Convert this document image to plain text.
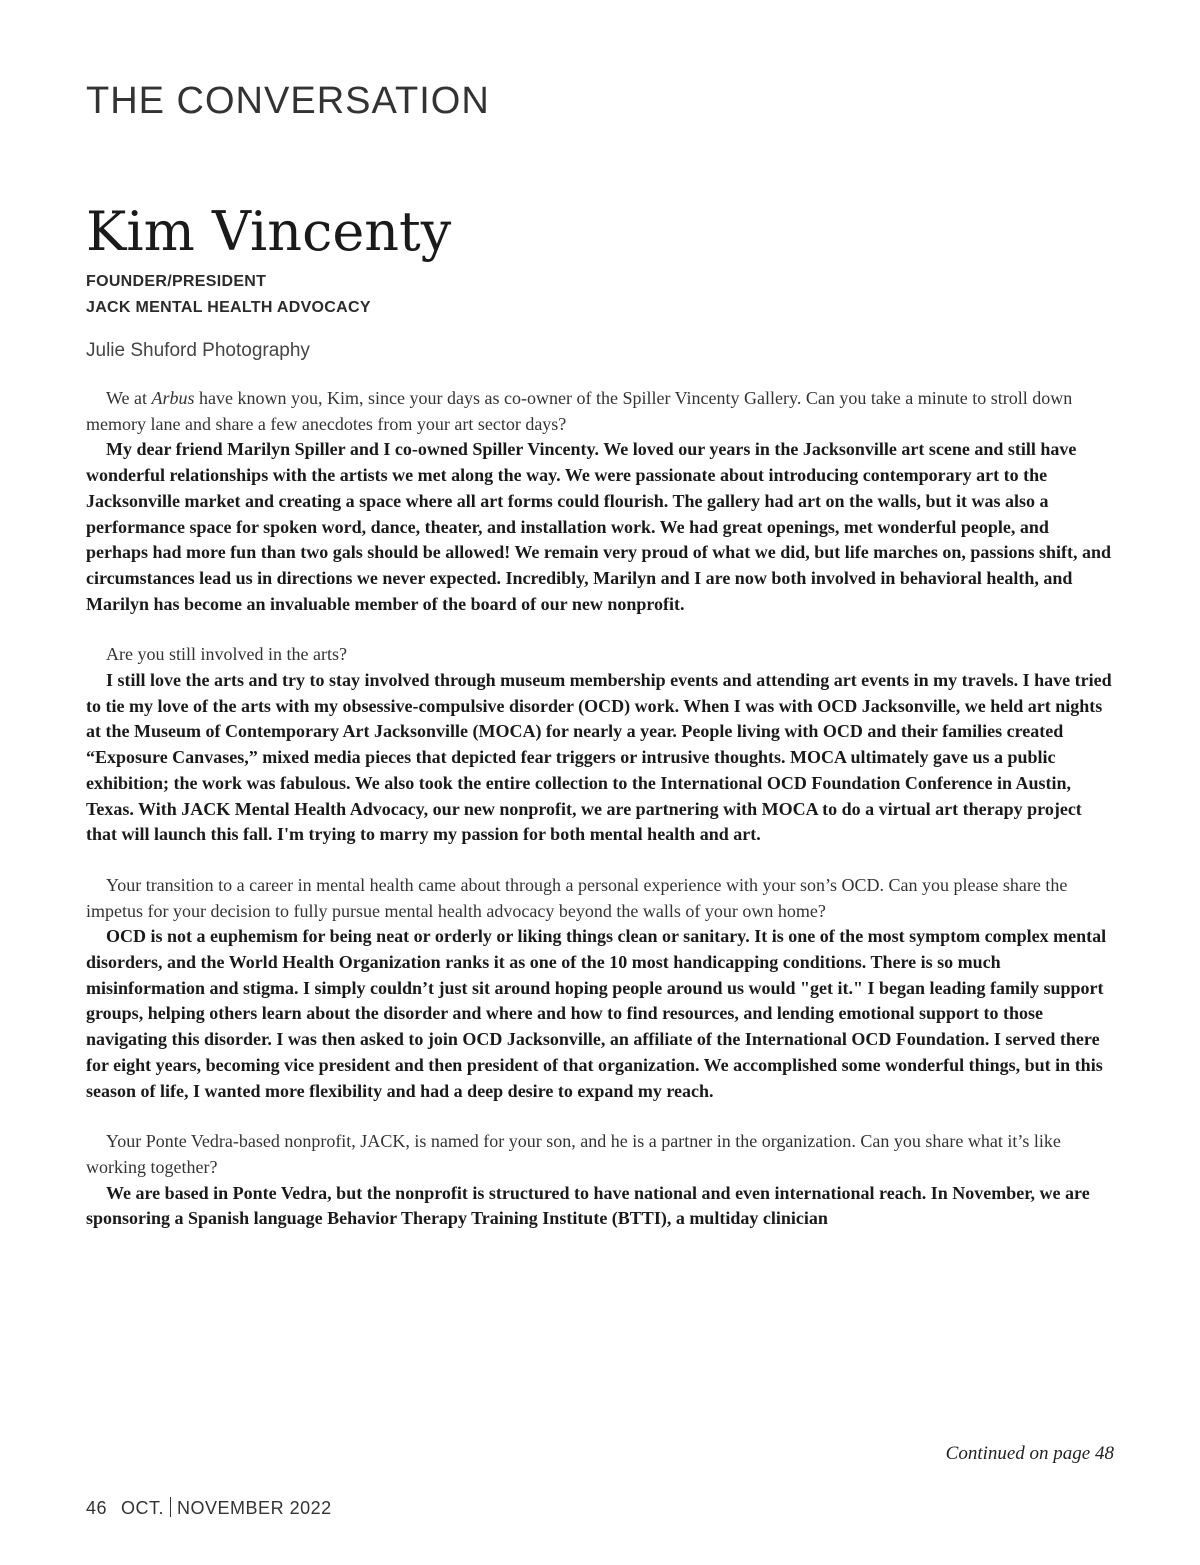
THE CONVERSATION
Kim Vincenty
FOUNDER/PRESIDENT
JACK MENTAL HEALTH ADVOCACY
Julie Shuford Photography

We at Arbus have known you, Kim, since your days as co-owner of the Spiller Vincenty Gallery. Can you take a minute to stroll down memory lane and share a few anecdotes from your art sector days?

My dear friend Marilyn Spiller and I co-owned Spiller Vincenty. We loved our years in the Jacksonville art scene and still have wonderful relationships with the artists we met along the way. We were passionate about introducing contemporary art to the Jacksonville market and creating a space where all art forms could flourish. The gallery had art on the walls, but it was also a performance space for spoken word, dance, theater, and installation work. We had great openings, met wonderful people, and perhaps had more fun than two gals should be allowed! We remain very proud of what we did, but life marches on, passions shift, and circumstances lead us in directions we never expected. Incredibly, Marilyn and I are now both involved in behavioral health, and Marilyn has become an invaluable member of the board of our new nonprofit.

Are you still involved in the arts?

I still love the arts and try to stay involved through museum membership events and attending art events in my travels. I have tried to tie my love of the arts with my obsessive-compulsive disorder (OCD) work. When I was with OCD Jacksonville, we held art nights at the Museum of Contemporary Art Jacksonville (MOCA) for nearly a year. People living with OCD and their families created “Exposure Canvases,” mixed media pieces that depicted fear triggers or intrusive thoughts. MOCA ultimately gave us a public exhibition; the work was fabulous. We also took the entire collection to the International OCD Foundation Conference in Austin, Texas. With JACK Mental Health Advocacy, our new nonprofit, we are partnering with MOCA to do a virtual art therapy project that will launch this fall. I'm trying to marry my passion for both mental health and art.

Your transition to a career in mental health came about through a personal experience with your son’s OCD. Can you please share the impetus for your decision to fully pursue mental health advocacy beyond the walls of your own home?

OCD is not a euphemism for being neat or orderly or liking things clean or sanitary. It is one of the most symptom complex mental disorders, and the World Health Organization ranks it as one of the 10 most handicapping conditions. There is so much misinformation and stigma. I simply couldn’t just sit around hoping people around us would "get it." I began leading family support groups, helping others learn about the disorder and where and how to find resources, and lending emotional support to those navigating this disorder. I was then asked to join OCD Jacksonville, an affiliate of the International OCD Foundation. I served there for eight years, becoming vice president and then president of that organization. We accomplished some wonderful things, but in this season of life, I wanted more flexibility and had a deep desire to expand my reach.

Your Ponte Vedra-based nonprofit, JACK, is named for your son, and he is a partner in the organization. Can you share what it’s like working together?

We are based in Ponte Vedra, but the nonprofit is structured to have national and even international reach. In November, we are sponsoring a Spanish language Behavior Therapy Training Institute (BTTI), a multiday clinician

Continued on page 48
46 OCT. NOVEMBER 2022
